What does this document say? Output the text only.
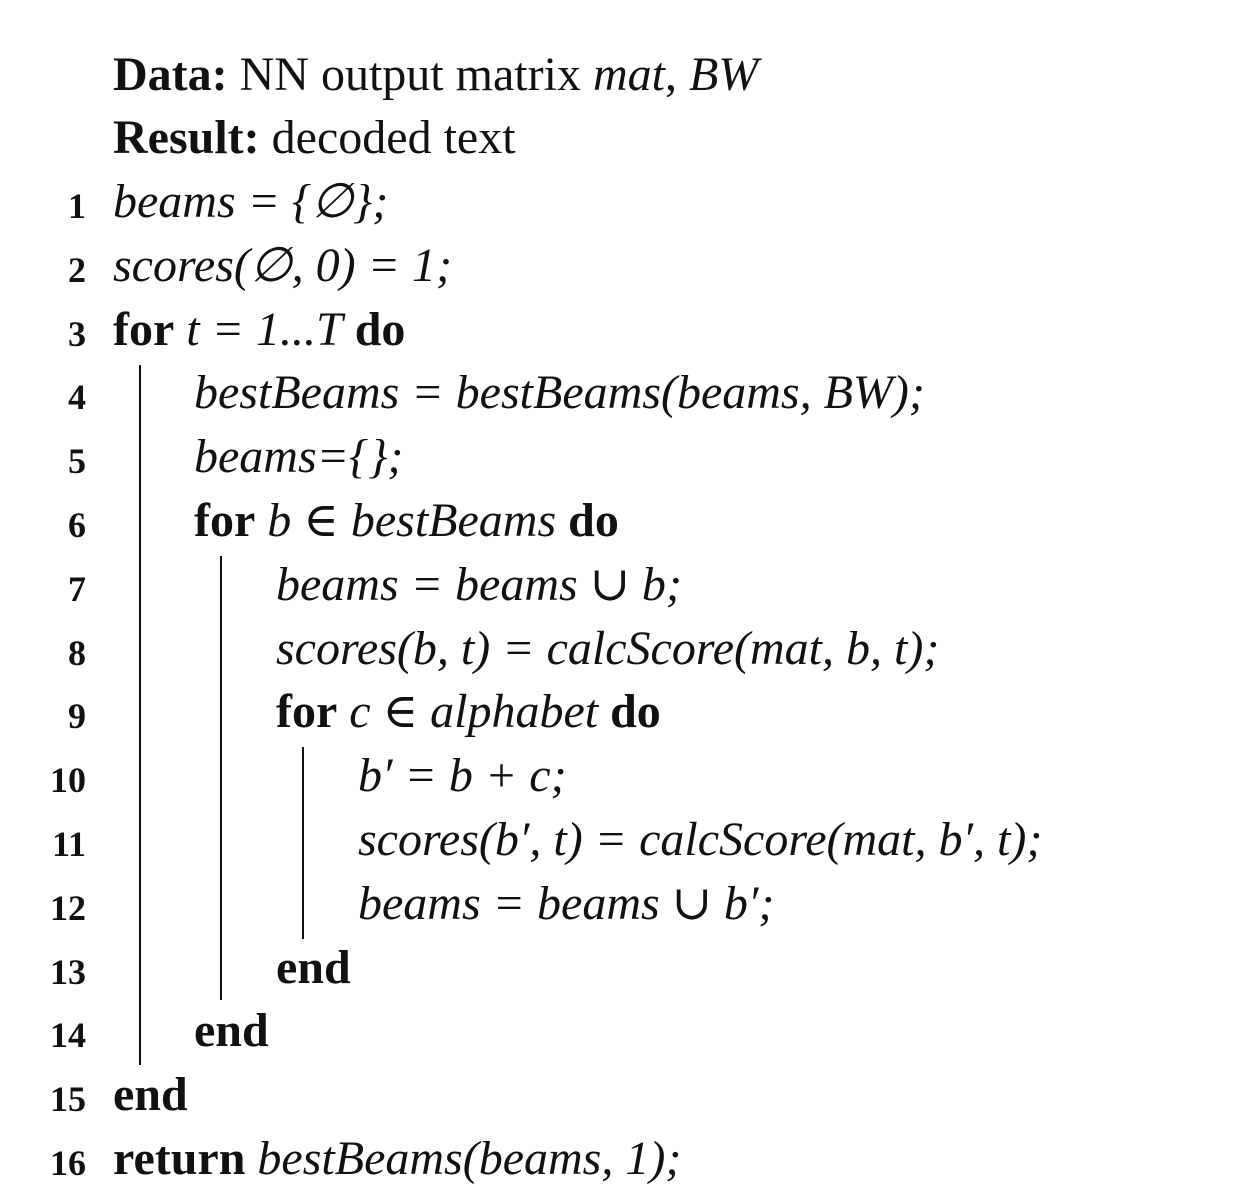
Data: NN output matrix mat, BW
Result: decoded text
1 beams = {∅};
2 scores(∅, 0) = 1;
3 for t = 1...T do
4 bestBeams = bestBeams(beams, BW);
5 beams={};
6 for b ∈ bestBeams do
7	beams = beams ∪ b;
8	scores(b, t) = calcScore(mat, b, t);
9	for c ∈ alphabet do
10	b′ = b + c;
11	scores(b′, t) = calcScore(mat, b′, t);
12	beams = beams ∪ b′;
13	end
14 end
15 end
16 return bestBeams(beams, 1);
